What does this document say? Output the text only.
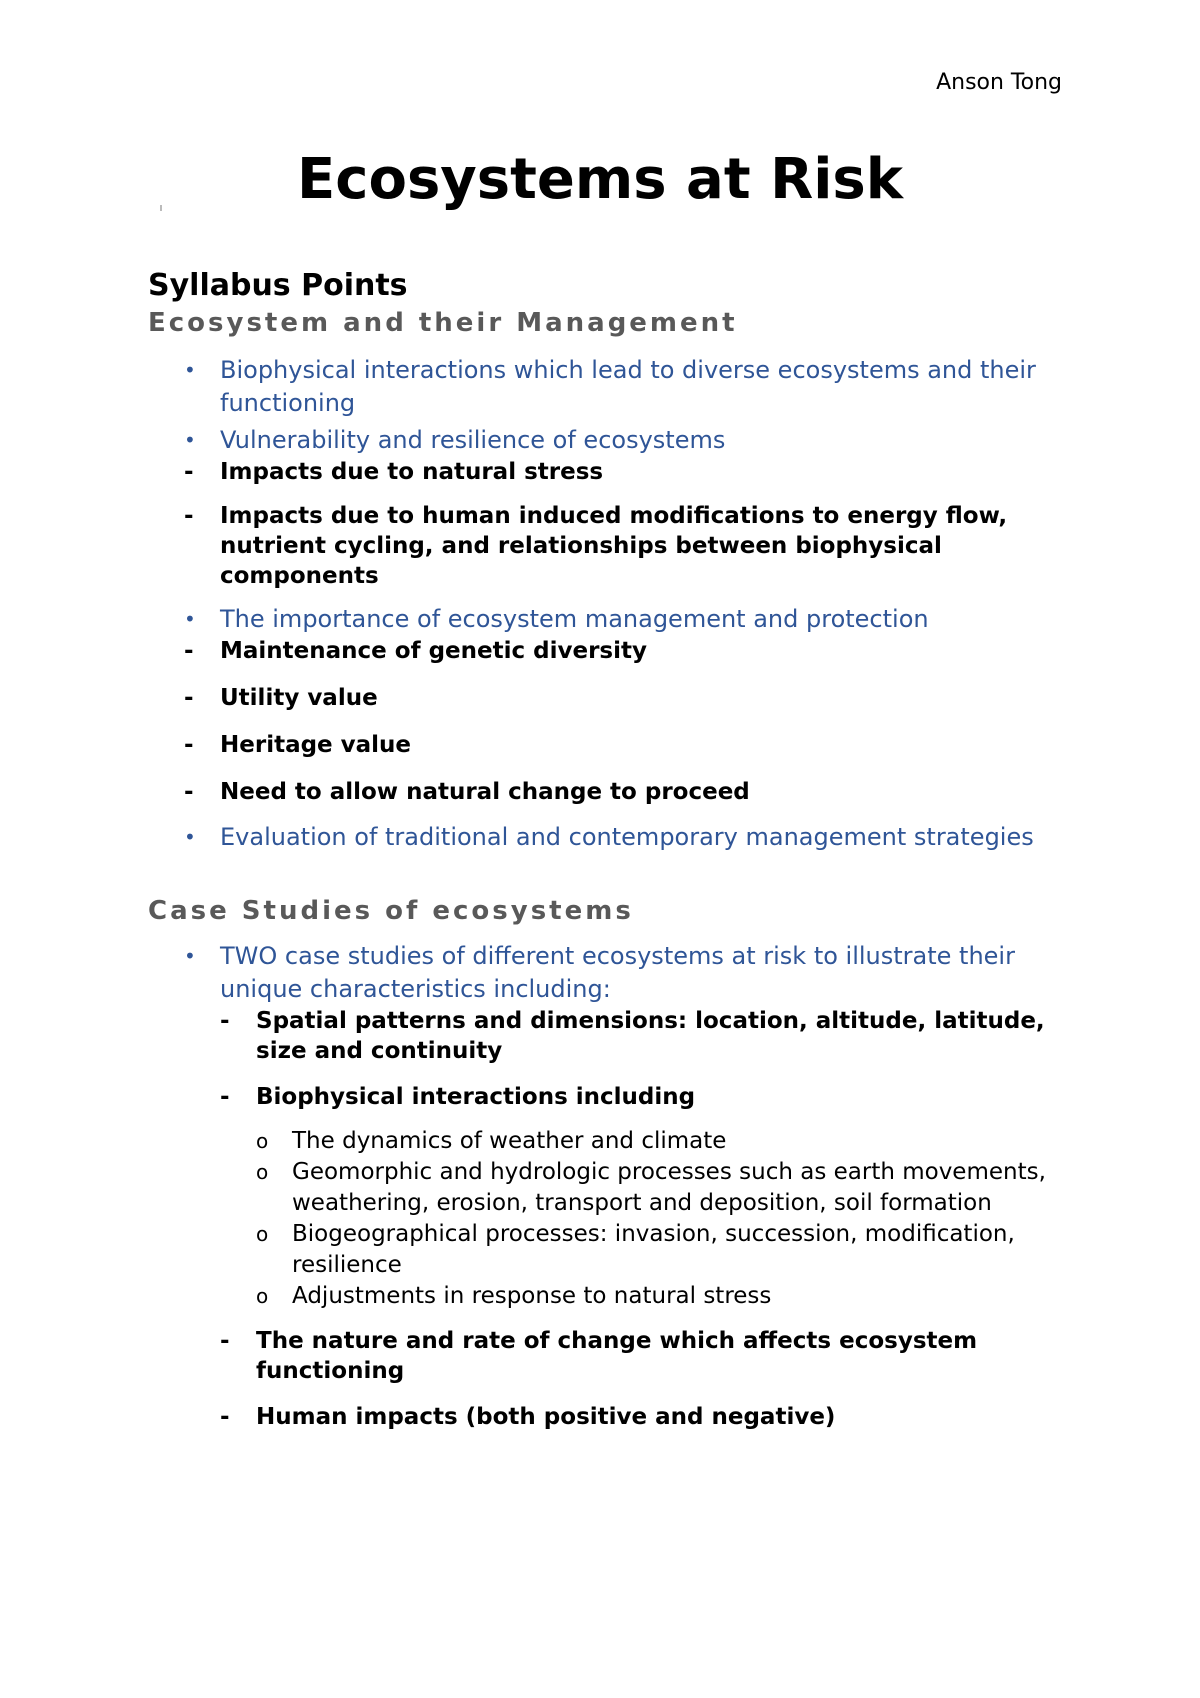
Anson Tong
Ecosystems at Risk
Syllabus Points
Ecosystem and their Management
• Biophysical interactions which lead to diverse ecosystems and their functioning
• Vulnerability and resilience of ecosystems
- Impacts due to natural stress
- Impacts due to human induced modifications to energy flow, nutrient cycling, and relationships between biophysical components
• The importance of ecosystem management and protection
- Maintenance of genetic diversity
- Utility value
- Heritage value
- Need to allow natural change to proceed
• Evaluation of traditional and contemporary management strategies
Case Studies of ecosystems
• TWO case studies of different ecosystems at risk to illustrate their unique characteristics including:
- Spatial patterns and dimensions: location, altitude, latitude, size and continuity
- Biophysical interactions including
o The dynamics of weather and climate
o Geomorphic and hydrologic processes such as earth movements, weathering, erosion, transport and deposition, soil formation
o Biogeographical processes: invasion, succession, modification, resilience
o Adjustments in response to natural stress
- The nature and rate of change which affects ecosystem functioning
- Human impacts (both positive and negative)
